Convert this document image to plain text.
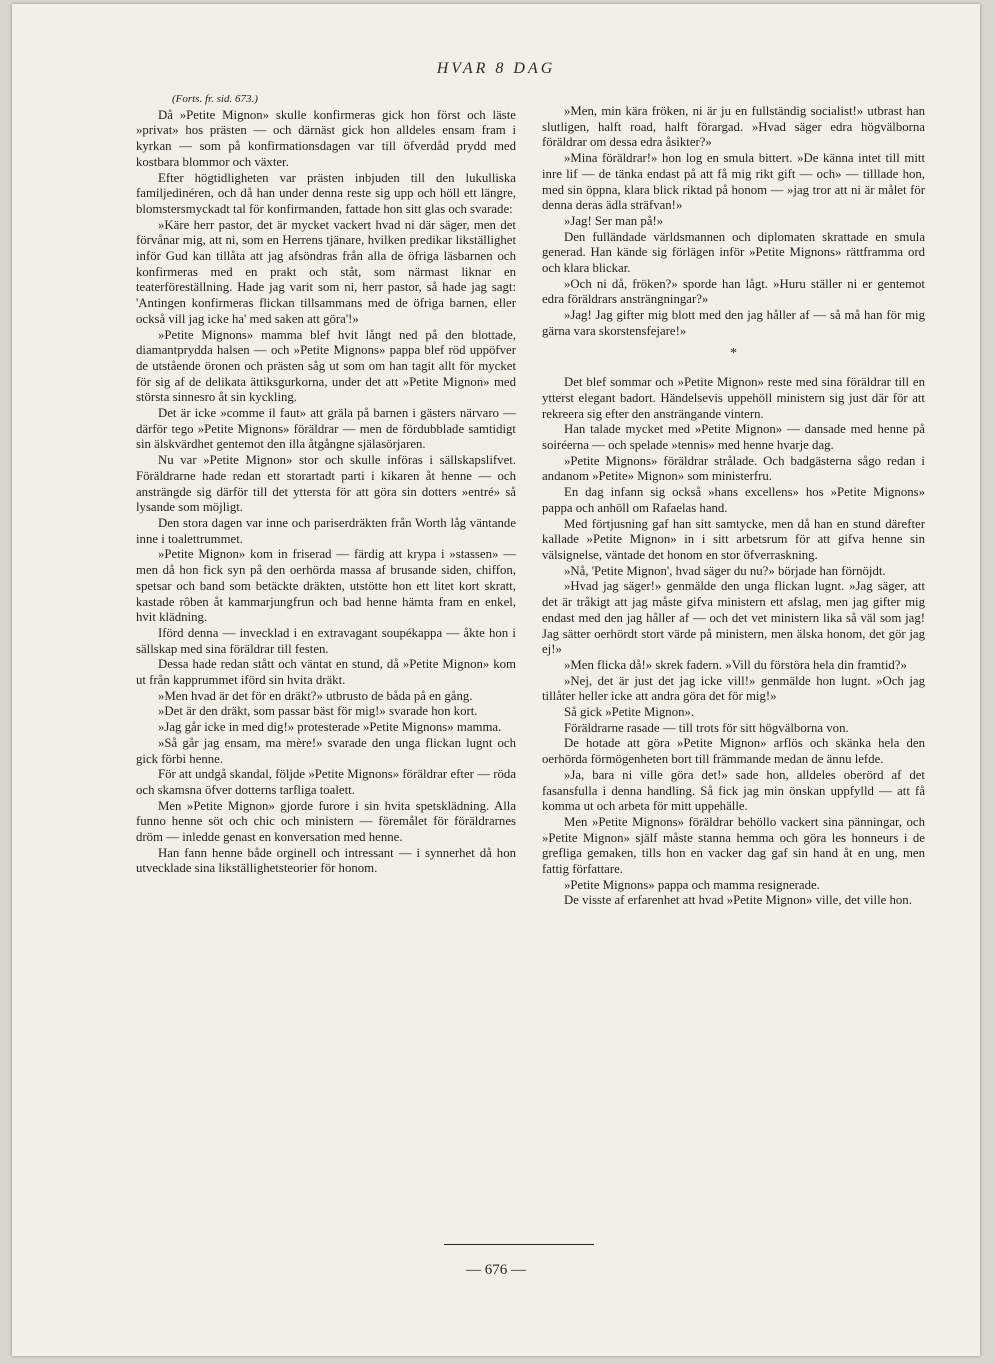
HVAR 8 DAG

(Forts. fr. sid. 673.)

Då »Petite Mignon» skulle konfirmeras gick hon först och läste »privat» hos prästen — och därnäst gick hon alldeles ensam fram i kyrkan — som på konfirmationsdagen var till öfverdåd prydd med kostbara blommor och växter.

Efter högtidligheten var prästen inbjuden till den lukulliska familjedinéren, och då han under denna reste sig upp och höll ett längre, blomstersmyckadt tal för konfirmanden, fattade hon sitt glas och svarade:

»Käre herr pastor, det är mycket vackert hvad ni där säger, men det förvånar mig, att ni, som en Herrens tjänare, hvilken predikar likställighet inför Gud kan tillåta att jag afsöndras från alla de öfriga läsbarnen och konfirmeras med en prakt och ståt, som närmast liknar en teaterföreställning. Hade jag varit som ni, herr pastor, så hade jag sagt: 'Antingen konfirmeras flickan tillsammans med de öfriga barnen, eller också vill jag icke ha' med saken att göra'!»

»Petite Mignons» mamma blef hvit långt ned på den blottade, diamantprydda halsen — och »Petite Mignons» pappa blef röd uppöfver de utstående öronen och prästen såg ut som om han tagit allt för mycket för sig af de delikata ättiksgurkorna, under det att »Petite Mignon» med största sinnesro åt sin kyckling.

Det är icke »comme il faut» att gräla på barnen i gästers närvaro — därför tego »Petite Mignons» föräldrar — men de fördubblade samtidigt sin älskvärdhet gentemot den illa åtgångne själasörjaren.

Nu var »Petite Mignon» stor och skulle införas i sällskapslifvet. Föräldrarne hade redan ett storartadt parti i kikaren åt henne — och ansträngde sig därför till det yttersta för att göra sin dotters »entré» så lysande som möjligt.

Den stora dagen var inne och pariserdräkten från Worth låg väntande inne i toalettrummet.

»Petite Mignon» kom in friserad — färdig att krypa i »stassen» — men då hon fick syn på den oerhörda massa af brusande siden, chiffon, spetsar och band som betäckte dräkten, utstötte hon ett litet kort skratt, kastade rôben åt kammarjungfrun och bad henne hämta fram en enkel, hvit klädning.

Iförd denna — invecklad i en extravagant soupékappa — åkte hon i sällskap med sina föräldrar till festen.

Dessa hade redan stått och väntat en stund, då »Petite Mignon» kom ut från kapprummet iförd sin hvita dräkt.

»Men hvad är det för en dräkt?» utbrusto de båda på en gång.

»Det är den dräkt, som passar bäst för mig!» svarade hon kort.

»Jag går icke in med dig!» protesterade »Petite Mignons» mamma.

»Så går jag ensam, ma mère!» svarade den unga flickan lugnt och gick förbi henne.

För att undgå skandal, följde »Petite Mignons» föräldrar efter — röda och skamsna öfver dotterns tarfliga toalett.

Men »Petite Mignon» gjorde furore i sin hvita spetsklädning. Alla funno henne söt och chic och ministern — föremålet för föräldrarnes dröm — inledde genast en konversation med henne.

Han fann henne både orginell och intressant — i synnerhet då hon utvecklade sina likställighetsteorier för honom.

»Men, min kära fröken, ni är ju en fullständig socialist!» utbrast han slutligen, halft road, halft förargad. »Hvad säger edra högvälborna föräldrar om dessa edra åsikter?»

»Mina föräldrar!» hon log en smula bittert. »De känna intet till mitt inre lif — de tänka endast på att få mig rikt gift — och» — tilllade hon, med sin öppna, klara blick riktad på honom — »jag tror att ni är målet för denna deras ädla sträfvan!»

»Jag! Ser man på!»

Den fulländade världsmannen och diplomaten skrattade en smula generad. Han kände sig förlägen inför »Petite Mignons» rättframma ord och klara blickar.

»Och ni då, fröken?» sporde han lågt. »Huru ställer ni er gentemot edra föräldrars ansträngningar?»

»Jag! Jag gifter mig blott med den jag håller af — så må han för mig gärna vara skorstensfejare!»

*

Det blef sommar och »Petite Mignon» reste med sina föräldrar till en ytterst elegant badort. Händelsevis uppehöll ministern sig just där för att rekreera sig efter den ansträngande vintern.

Han talade mycket med »Petite Mignon» — dansade med henne på soiréerna — och spelade »tennis» med henne hvarje dag.

»Petite Mignons» föräldrar strålade. Och badgästerna sågo redan i andanom »Petite» Mignon» som ministerfru.

En dag infann sig också »hans excellens» hos »Petite Mignons» pappa och anhöll om Rafaelas hand.

Med förtjusning gaf han sitt samtycke, men då han en stund därefter kallade »Petite Mignon» in i sitt arbetsrum för att gifva henne sin välsignelse, väntade det honom en stor öfverraskning.

»Nå, 'Petite Mignon', hvad säger du nu?» började han förnöjdt.

»Hvad jag säger!» genmälde den unga flickan lugnt. »Jag säger, att det är tråkigt att jag måste gifva ministern ett afslag, men jag gifter mig endast med den jag håller af — och det vet ministern lika så väl som jag! Jag sätter oerhördt stort värde på ministern, men älska honom, det gör jag ej!»

»Men flicka då!» skrek fadern. »Vill du förstöra hela din framtid?»

»Nej, det är just det jag icke vill!» genmälde hon lugnt. »Och jag tillåter heller icke att andra göra det för mig!»

Så gick »Petite Mignon».

Föräldrarne rasade — till trots för sitt högvälborna von.

De hotade att göra »Petite Mignon» arflös och skänka hela den oerhörda förmögenheten bort till främmande medan de ännu lefde.

»Ja, bara ni ville göra det!» sade hon, alldeles oberörd af det fasansfulla i denna handling. Så fick jag min önskan uppfylld — att få komma ut och arbeta för mitt uppehälle.

Men »Petite Mignons» föräldrar behöllo vackert sina pänningar, och »Petite Mignon» själf måste stanna hemma och göra les honneurs i de grefliga gemaken, tills hon en vacker dag gaf sin hand åt en ung, men fattig författare.

»Petite Mignons» pappa och mamma resignerade.

De visste af erfarenhet att hvad »Petite Mignon» ville, det ville hon.

— 676 —
